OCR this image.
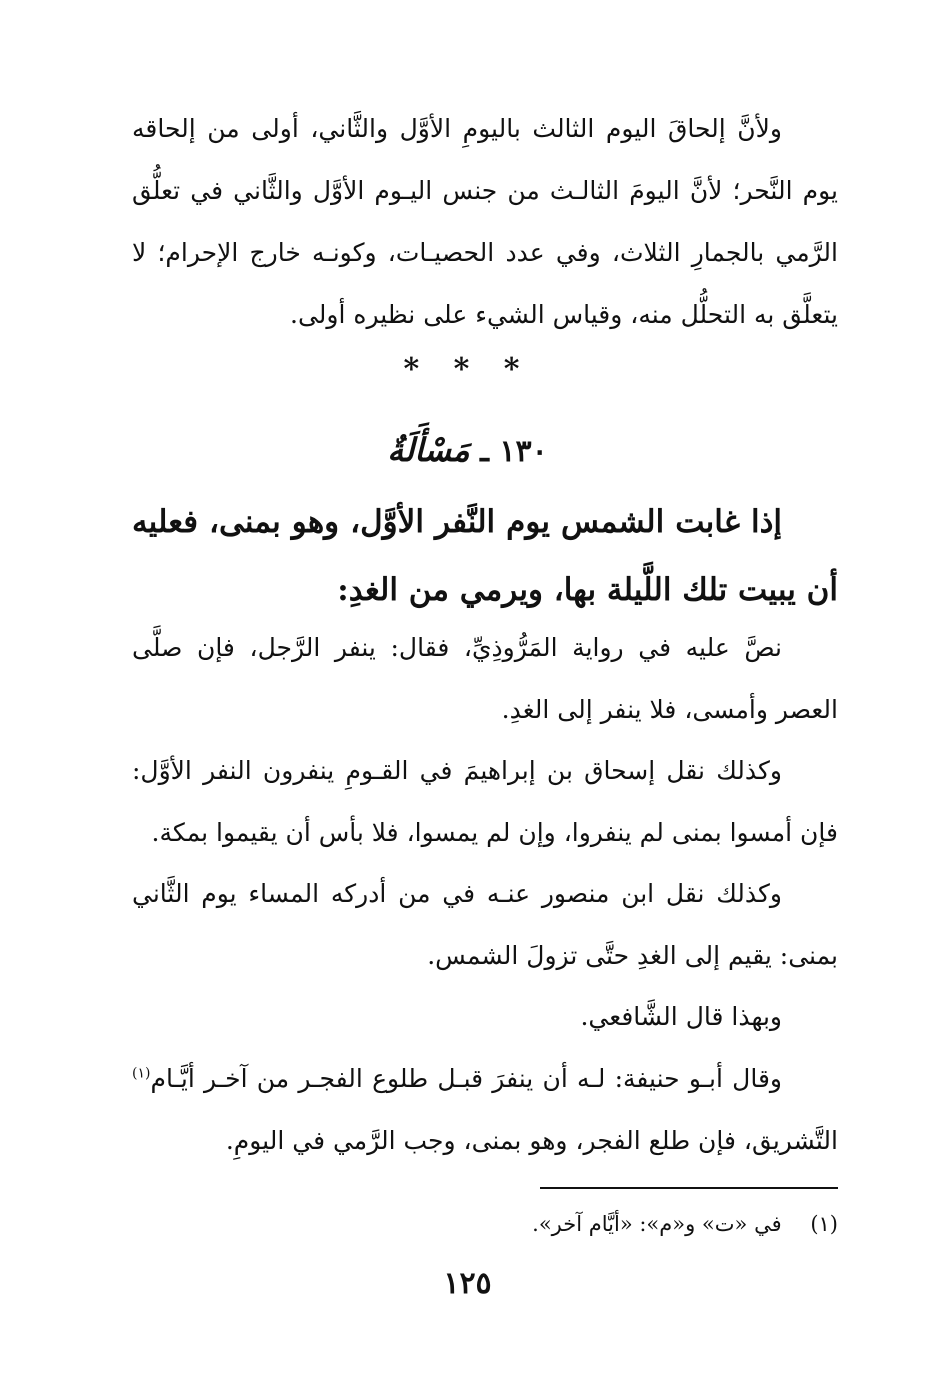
ولأنَّ إلحاقَ اليوم الثالث باليومِ الأوَّل والثَّاني، أولى من إلحاقه يوم النَّحر؛ لأنَّ اليومَ الثالـث من جنس اليـوم الأوَّل والثَّاني في تعلُّق الرَّمي بالجمارِ الثلاث، وفي عدد الحصيـات، وكونـه خارج الإحرام؛ لا يتعلَّق به التحلُّل منه، وقياس الشيء على نظيره أولى.

* * *
١٣٠ ـ مَسْأَلَةٌ

إذا غابت الشمس يوم النَّفر الأوَّل، وهو بمنى، فعليه أن يبيت تلك اللَّيلة بها، ويرمي من الغدِ:

نصَّ عليه في رواية المَرُّوذِيِّ، فقال: ينفر الرَّجل، فإن صلَّى العصر وأمسى، فلا ينفر إلى الغدِ.

وكذلك نقل إسحاق بن إبراهيمَ في القـومِ ينفرون النفر الأوَّل: فإن أمسوا بمنى لم ينفروا، وإن لم يمسوا، فلا بأس أن يقيموا بمكة.

وكذلك نقل ابن منصور عنـه في من أدركه المساء يوم الثَّاني بمنى: يقيم إلى الغدِ حتَّى تزولَ الشمس.

وبهذا قال الشَّافعي.

وقال أبـو حنيفة: لـه أن ينفرَ قبـل طلوع الفجـر من آخـر أيَّـام$^{(١)}$ التَّشريق، فإن طلع الفجر، وهو بمنى، وجب الرَّمي في اليومِ.

(١) في «ت» و«م»: «أيَّام آخر».
١٢٥
